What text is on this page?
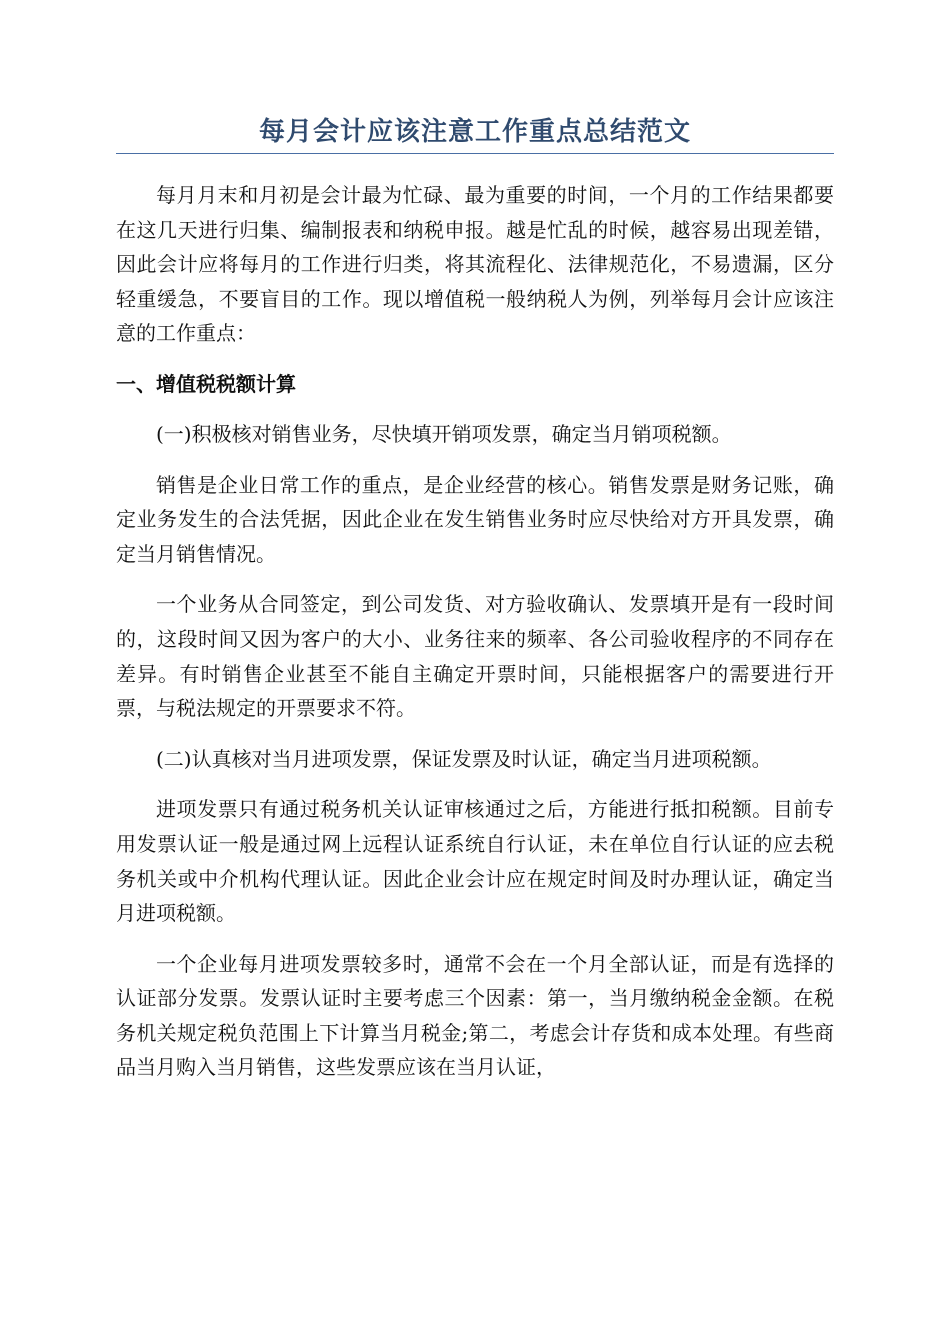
每月会计应该注意工作重点总结范文

每月月末和月初是会计最为忙碌、最为重要的时间，一个月的工作结果都要在这几天进行归集、编制报表和纳税申报。越是忙乱的时候，越容易出现差错，因此会计应将每月的工作进行归类，将其流程化、法律规范化，不易遗漏，区分轻重缓急，不要盲目的工作。现以增值税一般纳税人为例，列举每月会计应该注意的工作重点：

一、增值税税额计算

(一)积极核对销售业务，尽快填开销项发票，确定当月销项税额。

销售是企业日常工作的重点，是企业经营的核心。销售发票是财务记账，确定业务发生的合法凭据，因此企业在发生销售业务时应尽快给对方开具发票，确定当月销售情况。

一个业务从合同签定，到公司发货、对方验收确认、发票填开是有一段时间的，这段时间又因为客户的大小、业务往来的频率、各公司验收程序的不同存在差异。有时销售企业甚至不能自主确定开票时间，只能根据客户的需要进行开票，与税法规定的开票要求不符。

(二)认真核对当月进项发票，保证发票及时认证，确定当月进项税额。

进项发票只有通过税务机关认证审核通过之后，方能进行抵扣税额。目前专用发票认证一般是通过网上远程认证系统自行认证，未在单位自行认证的应去税务机关或中介机构代理认证。因此企业会计应在规定时间及时办理认证，确定当月进项税额。

一个企业每月进项发票较多时，通常不会在一个月全部认证，而是有选择的认证部分发票。发票认证时主要考虑三个因素：第一，当月缴纳税金金额。在税务机关规定税负范围上下计算当月税金;第二，考虑会计存货和成本处理。有些商品当月购入当月销售，这些发票应该在当月认证，
